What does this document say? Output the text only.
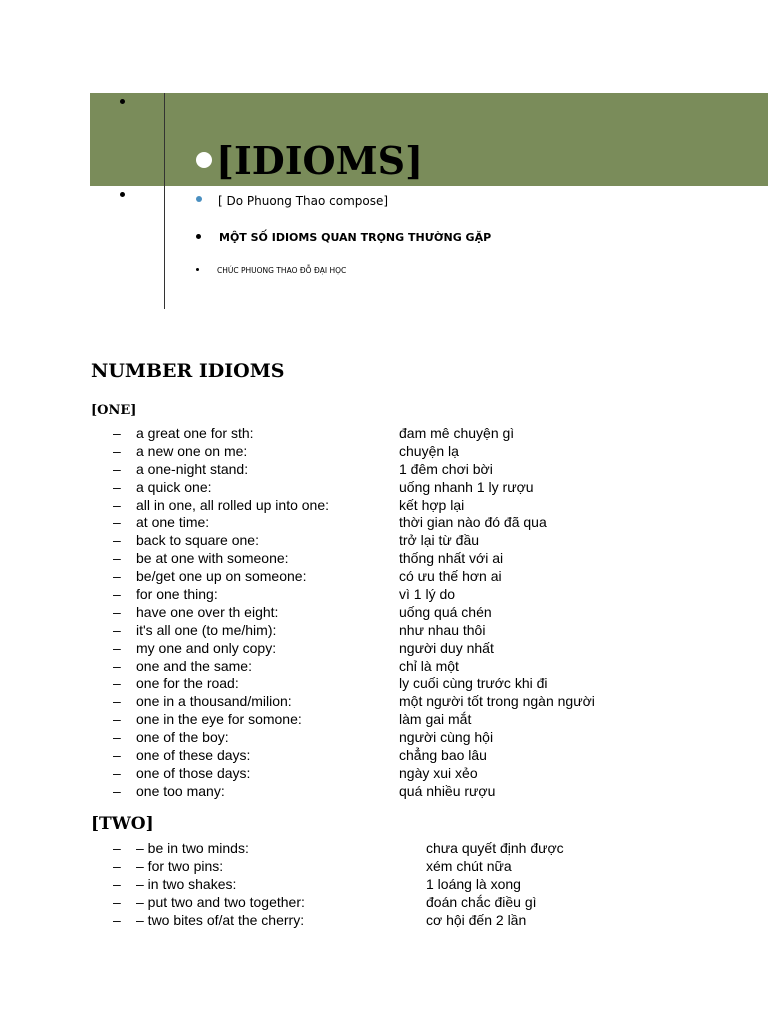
[IDIOMS]
[ Do Phuong Thao compose]
MỘT SỐ IDIOMS QUAN TRỌNG THƯỜNG GẶP
CHÚC PHUONG THAO ĐỖ ĐẠI HỌC
NUMBER IDIOMS
[ONE]
– a great one for sth:	đam mê chuyện gì
– a new one on me:	chuyện lạ
– a one-night stand:	1 đêm chơi bời
– a quick one:	uống nhanh 1 ly rượu
– all in one, all rolled up into one:	kết hợp lại
– at one time:	thời gian nào đó đã qua
– back to square one:	trở lại từ đầu
– be at one with someone:	thống nhất với ai
– be/get one up on someone:	có ưu thế hơn ai
– for one thing:	vì 1 lý do
– have one over th eight:	uống quá chén
– it's all one (to me/him):	như nhau thôi
– my one and only copy:	người duy nhất
– one and the same:	chỉ là một
– one for the road:	ly cuối cùng trước khi đi
– one in a thousand/milion:	một người tốt trong ngàn người
– one in the eye for somone:	làm gai mắt
– one of the boy:	người cùng hội
– one of these days:	chẳng bao lâu
– one of those days:	ngày xui xẻo
– one too many:	quá nhiều rượu
[TWO]
– – be in two minds:	chưa quyết định được
– – for two pins:	xém chút nữa
– – in two shakes:	1 loáng là xong
– – put two and two together:	đoán chắc điều gì
– – two bites of/at the cherry:	cơ hội đến 2 lần
